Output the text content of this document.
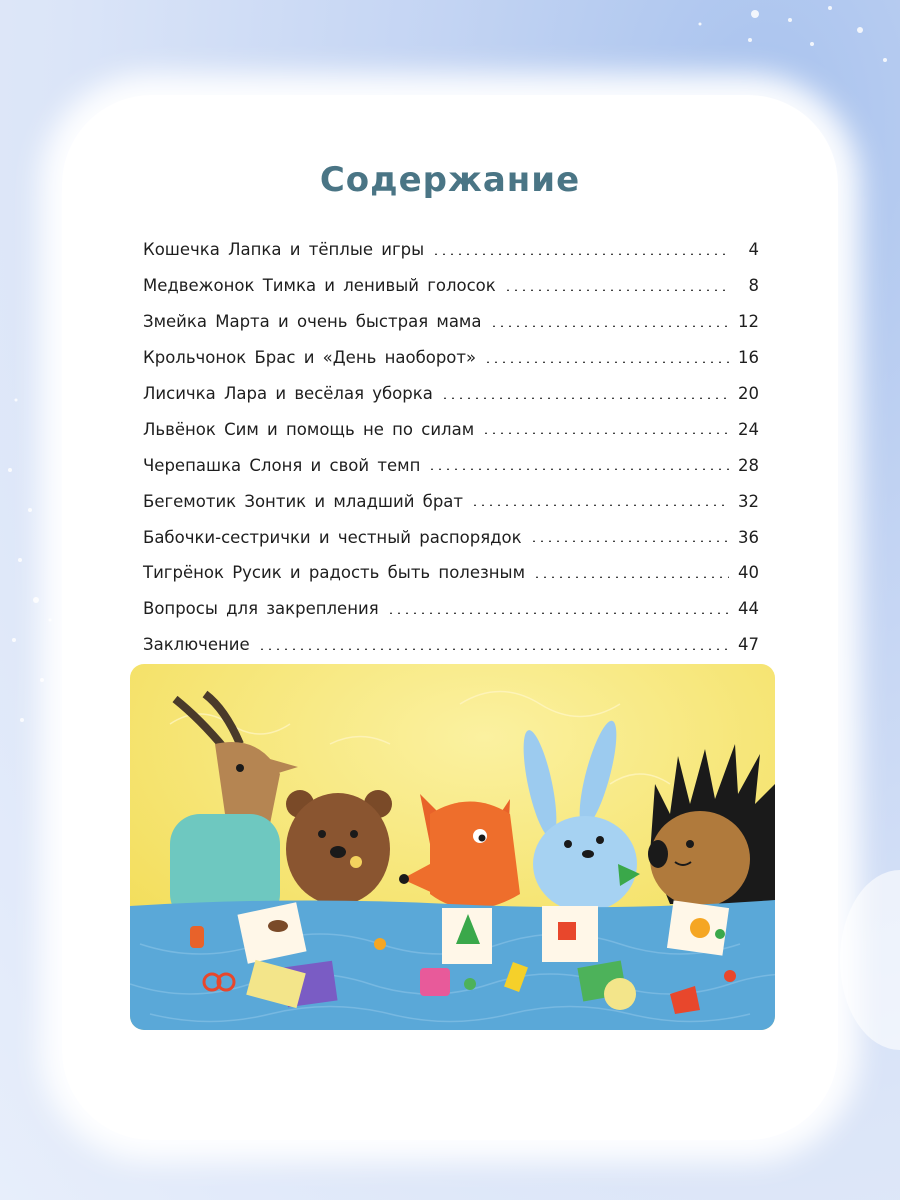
Содержание
Кошечка Лапка и тёплые игры	4
Медвежонок Тимка и ленивый голосок	8
Змейка Марта и очень быстрая мама	12
Крольчонок Брас и «День наоборот»	16
Лисичка Лара и весёлая уборка	20
Львёнок Сим и помощь не по силам	24
Черепашка Слоня и свой темп	28
Бегемотик Зонтик и младший брат	32
Бабочки-сестрички и честный распорядок	36
Тигрёнок Русик и радость быть полезным	40
Вопросы для закрепления	44
Заключение	47
